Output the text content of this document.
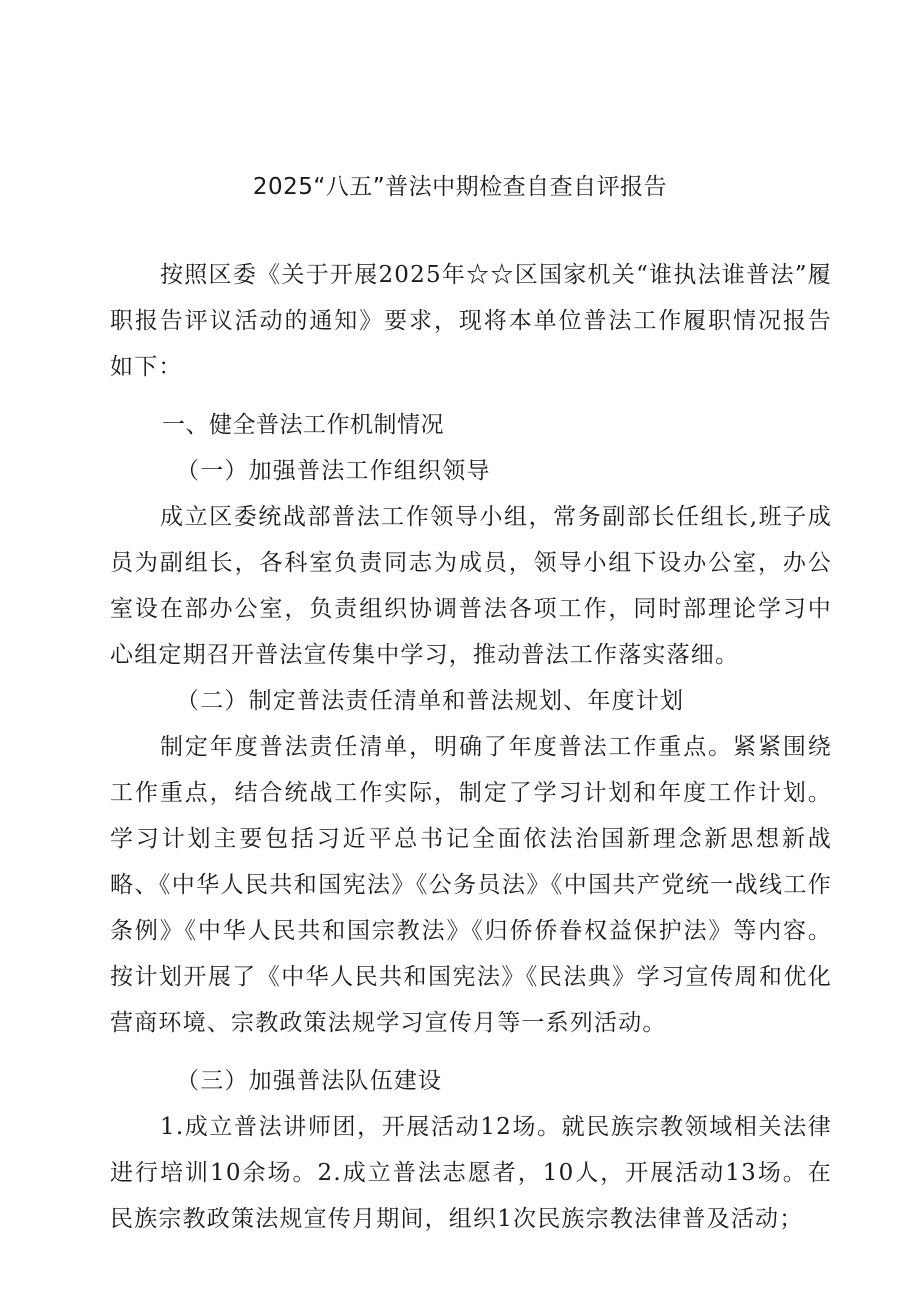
2025“八五”普法中期检查自查自评报告

按照区委《关于开展2025年☆☆区国家机关“谁执法谁普法”履职报告评议活动的通知》要求，现将本单位普法工作履职情况报告如下：

一、健全普法工作机制情况

（一）加强普法工作组织领导

成立区委统战部普法工作领导小组，常务副部长任组长,班子成员为副组长，各科室负责同志为成员，领导小组下设办公室，办公室设在部办公室，负责组织协调普法各项工作，同时部理论学习中心组定期召开普法宣传集中学习，推动普法工作落实落细。

（二）制定普法责任清单和普法规划、年度计划

制定年度普法责任清单，明确了年度普法工作重点。紧紧围绕工作重点，结合统战工作实际，制定了学习计划和年度工作计划。学习计划主要包括习近平总书记全面依法治国新理念新思想新战略、《中华人民共和国宪法》《公务员法》《中国共产党统一战线工作条例》《中华人民共和国宗教法》《归侨侨眷权益保护法》等内容。按计划开展了《中华人民共和国宪法》《民法典》学习宣传周和优化营商环境、宗教政策法规学习宣传月等一系列活动。

（三）加强普法队伍建设

1.成立普法讲师团，开展活动12场。就民族宗教领域相关法律进行培训10余场。2.成立普法志愿者，10人，开展活动13场。在民族宗教政策法规宣传月期间，组织1次民族宗教法律普及活动；
